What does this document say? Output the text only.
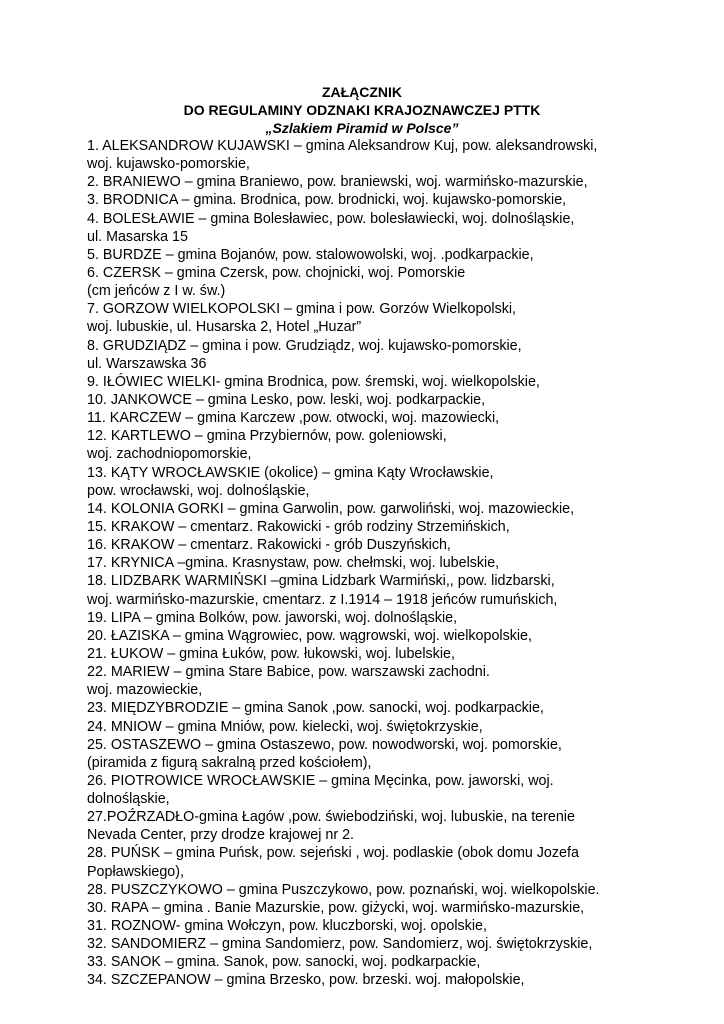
ZAŁĄCZNIK
DO REGULAMINY ODZNAKI KRAJOZNAWCZEJ PTTK
„Szlakiem Piramid w Polsce”
1. ALEKSANDROW KUJAWSKI – gmina Aleksandrow Kuj, pow. aleksandrowski,
woj. kujawsko-pomorskie,
2. BRANIEWO – gmina Braniewo, pow. braniewski, woj. warmińsko-mazurskie,
3. BRODNICA – gmina. Brodnica, pow. brodnicki, woj. kujawsko-pomorskie,
4. BOLESŁAWIE – gmina Bolesławiec, pow. bolesławiecki, woj. dolnośląskie,
ul. Masarska 15
5. BURDZE – gmina Bojanów, pow. stalowowolski, woj. .podkarpackie,
6. CZERSK – gmina Czersk, pow. chojnicki, woj. Pomorskie
(cm jeńców z I w. św.)
7. GORZOW WIELKOPOLSKI – gmina i pow. Gorzów Wielkopolski,
woj. lubuskie, ul. Husarska 2, Hotel „Huzar”
8. GRUDZIĄDZ – gmina i pow. Grudziądz, woj. kujawsko-pomorskie,
ul. Warszawska 36
9. IŁÓWIEC WIELKI- gmina Brodnica, pow. śremski, woj. wielkopolskie,
10. JANKOWCE – gmina Lesko, pow. leski, woj. podkarpackie,
11. KARCZEW – gmina Karczew ,pow. otwocki, woj. mazowiecki,
12. KARTLEWO – gmina Przybiernów, pow. goleniowski,
woj. zachodniopomorskie,
13. KĄTY WROCŁAWSKIE (okolice) – gmina Kąty Wrocławskie,
pow. wrocławski, woj. dolnośląskie,
14. KOLONIA GORKI – gmina Garwolin, pow. garwoliński, woj. mazowieckie,
15. KRAKOW – cmentarz. Rakowicki - grób rodziny Strzemińskich,
16. KRAKOW – cmentarz. Rakowicki - grób Duszyńskich,
17. KRYNICA –gmina. Krasnystaw, pow. chełmski, woj. lubelskie,
18. LIDZBARK WARMIŃSKI –gmina Lidzbark Warmiński,, pow. lidzbarski,
woj. warmińsko-mazurskie, cmentarz. z I.1914 – 1918 jeńców rumuńskich,
19. LIPA – gmina Bolków, pow. jaworski, woj. dolnośląskie,
20. ŁAZISKA – gmina Wągrowiec, pow. wągrowski, woj. wielkopolskie,
21. ŁUKOW – gmina Łuków, pow. łukowski, woj. lubelskie,
22. MARIEW – gmina Stare Babice, pow. warszawski zachodni.
woj. mazowieckie,
23. MIĘDZYBRODZIE – gmina Sanok ,pow. sanocki, woj. podkarpackie,
24. MNIOW – gmina Mniów, pow. kielecki, woj. świętokrzyskie,
25. OSTASZEWO – gmina Ostaszewo, pow. nowodworski, woj. pomorskie,
(piramida z figurą sakralną przed kościołem),
26. PIOTROWICE WROCŁAWSKIE – gmina Męcinka, pow. jaworski, woj.
dolnośląskie,
27.POŹRZADŁO-gmina Łagów ,pow. świebodziński, woj. lubuskie, na terenie
Nevada Center, przy drodze krajowej nr 2.
28. PUŃSK – gmina Puńsk, pow. sejeński , woj. podlaskie (obok domu Jozefa
Popławskiego),
28. PUSZCZYKOWO – gmina Puszczykowo, pow. poznański, woj. wielkopolskie.
30. RAPA – gmina . Banie Mazurskie, pow. giżycki, woj. warmińsko-mazurskie,
31. ROZNOW- gmina Wołczyn, pow. kluczborski, woj. opolskie,
32. SANDOMIERZ – gmina Sandomierz, pow. Sandomierz, woj. świętokrzyskie,
33. SANOK – gmina. Sanok, pow. sanocki, woj. podkarpackie,
34. SZCZEPANOW – gmina Brzesko, pow. brzeski. woj. małopolskie,
